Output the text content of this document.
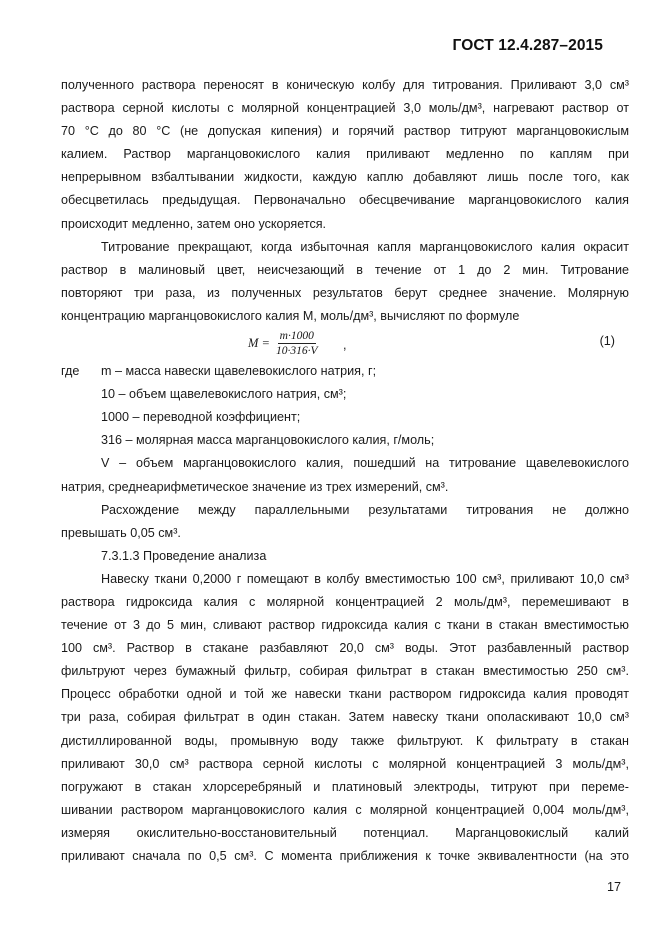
ГОСТ 12.4.287–2015
полученного раствора переносят в коническую колбу для титрования. Приливают 3,0 см³
раствора серной кислоты с молярной концентрацией 3,0 моль/дм³, нагревают раствор от
70 °С до 80 °С (не допуская кипения) и горячий раствор титруют марганцовокислым
калием. Раствор марганцовокислого калия приливают медленно по каплям при
непрерывном взбалтывании жидкости, каждую каплю добавляют лишь после того, как
обесцветилась предыдущая. Первоначально обесцвечивание марганцовокислого калия
происходит медленно, затем оно ускоряется.
Титрование прекращают, когда избыточная капля марганцовокислого калия окрасит
раствор в малиновый цвет, неисчезающий в течение от 1 до 2 мин. Титрование
повторяют три раза, из полученных результатов берут среднее значение. Молярную
концентрацию марганцовокислого калия M, моль/дм³, вычисляют по формуле
$M = \frac{m\cdot 1000}{10\cdot 316\cdot V}$ ,	(1)
где	m – масса навески щавелевокислого натрия, г;
10 – объем щавелевокислого натрия, см³;
1000 – переводной коэффициент;
316 – молярная масса марганцовокислого калия, г/моль;
V – объем марганцовокислого калия, пошедший на титрование щавелевокислого
натрия, среднеарифметическое значение из трех измерений, см³.
Расхождение между параллельными результатами титрования не должно
превышать 0,05 см³.
7.3.1.3 Проведение анализа
Навеску ткани 0,2000 г помещают в колбу вместимостью 100 см³, приливают 10,0 см³
раствора гидроксида калия с молярной концентрацией 2 моль/дм³, перемешивают в
течение от 3 до 5 мин, сливают раствор гидроксида калия с ткани в стакан вместимостью
100 см³. Раствор в стакане разбавляют 20,0 см³ воды. Этот разбавленный раствор
фильтруют через бумажный фильтр, собирая фильтрат в стакан вместимостью 250 см³.
Процесс обработки одной и той же навески ткани раствором гидроксида калия проводят
три раза, собирая фильтрат в один стакан. Затем навеску ткани ополаскивают 10,0 см³
дистиллированной воды, промывную воду также фильтруют. К фильтрату в стакан
приливают 30,0 см³ раствора серной кислоты с молярной концентрацией 3 моль/дм³,
погружают в стакан хлорсеребряный и платиновый электроды, титруют при переме-
шивании раствором марганцовокислого калия с молярной концентрацией 0,004 моль/дм³,
измеряя окислительно-восстановительный потенциал. Марганцовокислый калий
приливают сначала по 0,5 см³. С момента приближения к точке эквивалентности (на это
17
